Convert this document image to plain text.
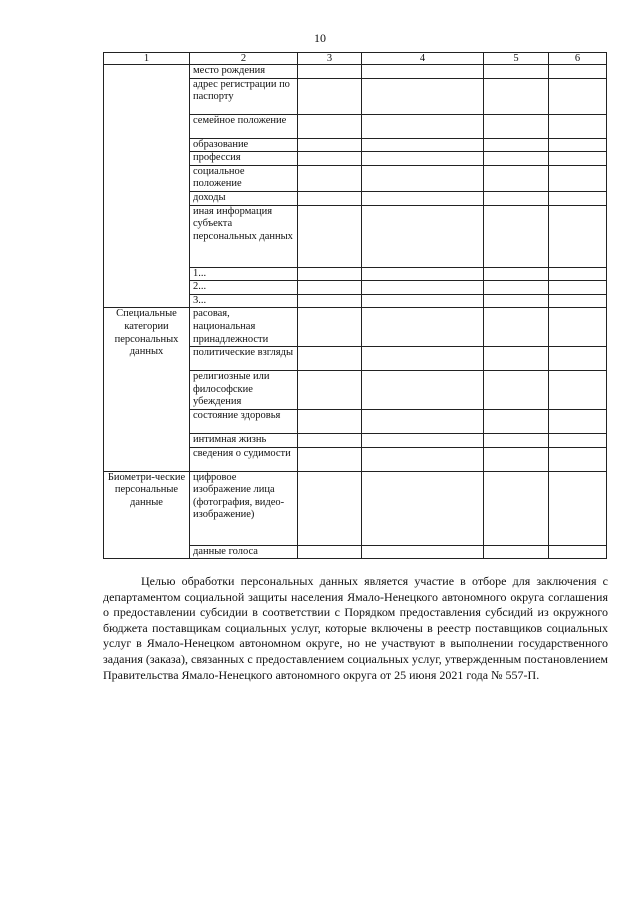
10
1	2	3	4	5	6
	место рождения				
	адрес регистрации по паспорту				
	семейное положение				
	образование				
	профессия				
	социальное положение				
	доходы				
	иная информация субъекта персональных данных				
	1...				
	2...				
	3...				
Специальные категории персональных данных	расовая, национальная принадлежности				
	политические взгляды				
	религиозные или философские убеждения				
	состояние здоровья				
	интимная жизнь				
	сведения о судимости				
Биометри-ческие персональные данные	цифровое изображение лица (фотография, видео-изображение)				
	данные голоса				
Целью обработки персональных данных является участие в отборе для заключения с департаментом социальной защиты населения Ямало-Ненецкого автономного округа соглашения о предоставлении субсидии в соответствии с Порядком предоставления субсидий из окружного бюджета поставщикам социальных услуг, которые включены в реестр поставщиков социальных услуг в Ямало-Ненецком автономном округе, но не участвуют в выполнении государственного задания (заказа), связанных с предоставлением социальных услуг, утвержденным постановлением Правительства Ямало-Ненецкого автономного округа от 25 июня 2021 года № 557-П.
